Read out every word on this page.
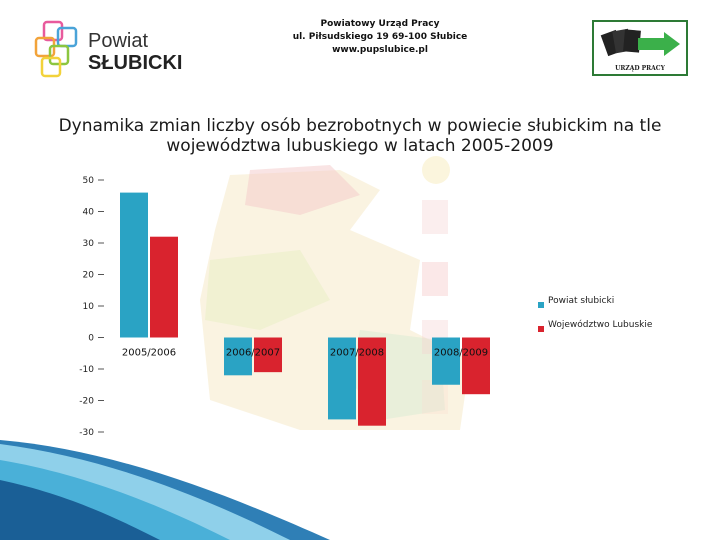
Powiat
SŁUBICKI
Powiatowy Urząd Pracy
ul. Piłsudskiego 19 69-100 Słubice
www.pupslubice.pl
URZĄD PRACY
Dynamika zmian liczby osób bezrobotnych w powiecie słubickim na tle
województwa lubuskiego w latach 2005-2009
50
40
30
20
10
0
-10
-20
-30
2005/2006	2006/2007	2007/2008	2008/2009
Powiat słubicki
Województwo Lubuskie
